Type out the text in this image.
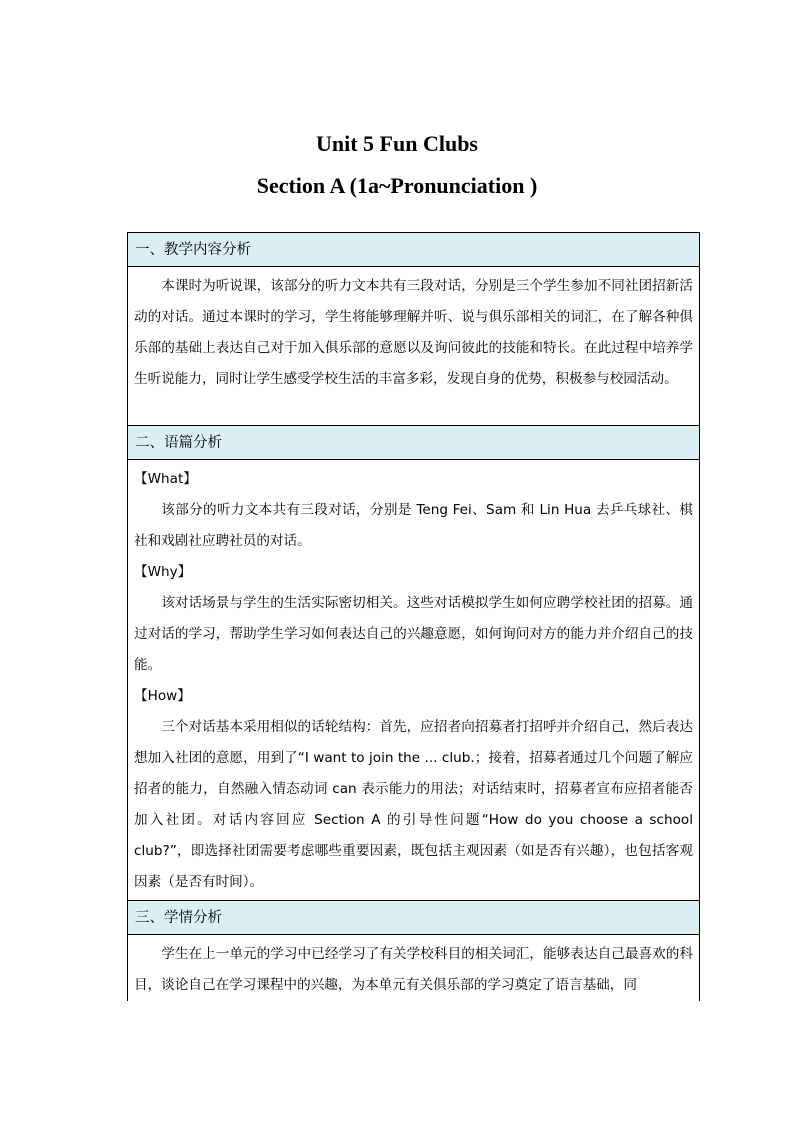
Unit 5 Fun Clubs
Section A (1a~Pronunciation )
一、教学内容分析

本课时为听说课，该部分的听力文本共有三段对话，分别是三个学生参加不同社团招新活动的对话。通过本课时的学习，学生将能够理解并听、说与俱乐部相关的词汇，在了解各种俱乐部的基础上表达自己对于加入俱乐部的意愿以及询问彼此的技能和特长。在此过程中培养学生听说能力，同时让学生感受学校生活的丰富多彩，发现自身的优势，积极参与校园活动。

二、语篇分析

【What】

该部分的听力文本共有三段对话，分别是 Teng Fei、Sam 和 Lin Hua 去乒乓球社、棋社和戏剧社应聘社员的对话。

【Why】

该对话场景与学生的生活实际密切相关。这些对话模拟学生如何应聘学校社团的招募。通过对话的学习，帮助学生学习如何表达自己的兴趣意愿，如何询问对方的能力并介绍自己的技能。

【How】

三个对话基本采用相似的话轮结构：首先，应招者向招募者打招呼并介绍自己，然后表达想加入社团的意愿，用到了“I want to join the ... club.；接着，招募者通过几个问题了解应招者的能力，自然融入情态动词 can 表示能力的用法；对话结束时，招募者宣布应招者能否加入社团。对话内容回应 Section A 的引导性问题“How do you choose a school club?”，即选择社团需要考虑哪些重要因素，既包括主观因素（如是否有兴趣），也包括客观因素（是否有时间）。

三、学情分析

学生在上一单元的学习中已经学习了有关学校科目的相关词汇，能够表达自己最喜欢的科目，谈论自己在学习课程中的兴趣，为本单元有关俱乐部的学习奠定了语言基础，同
